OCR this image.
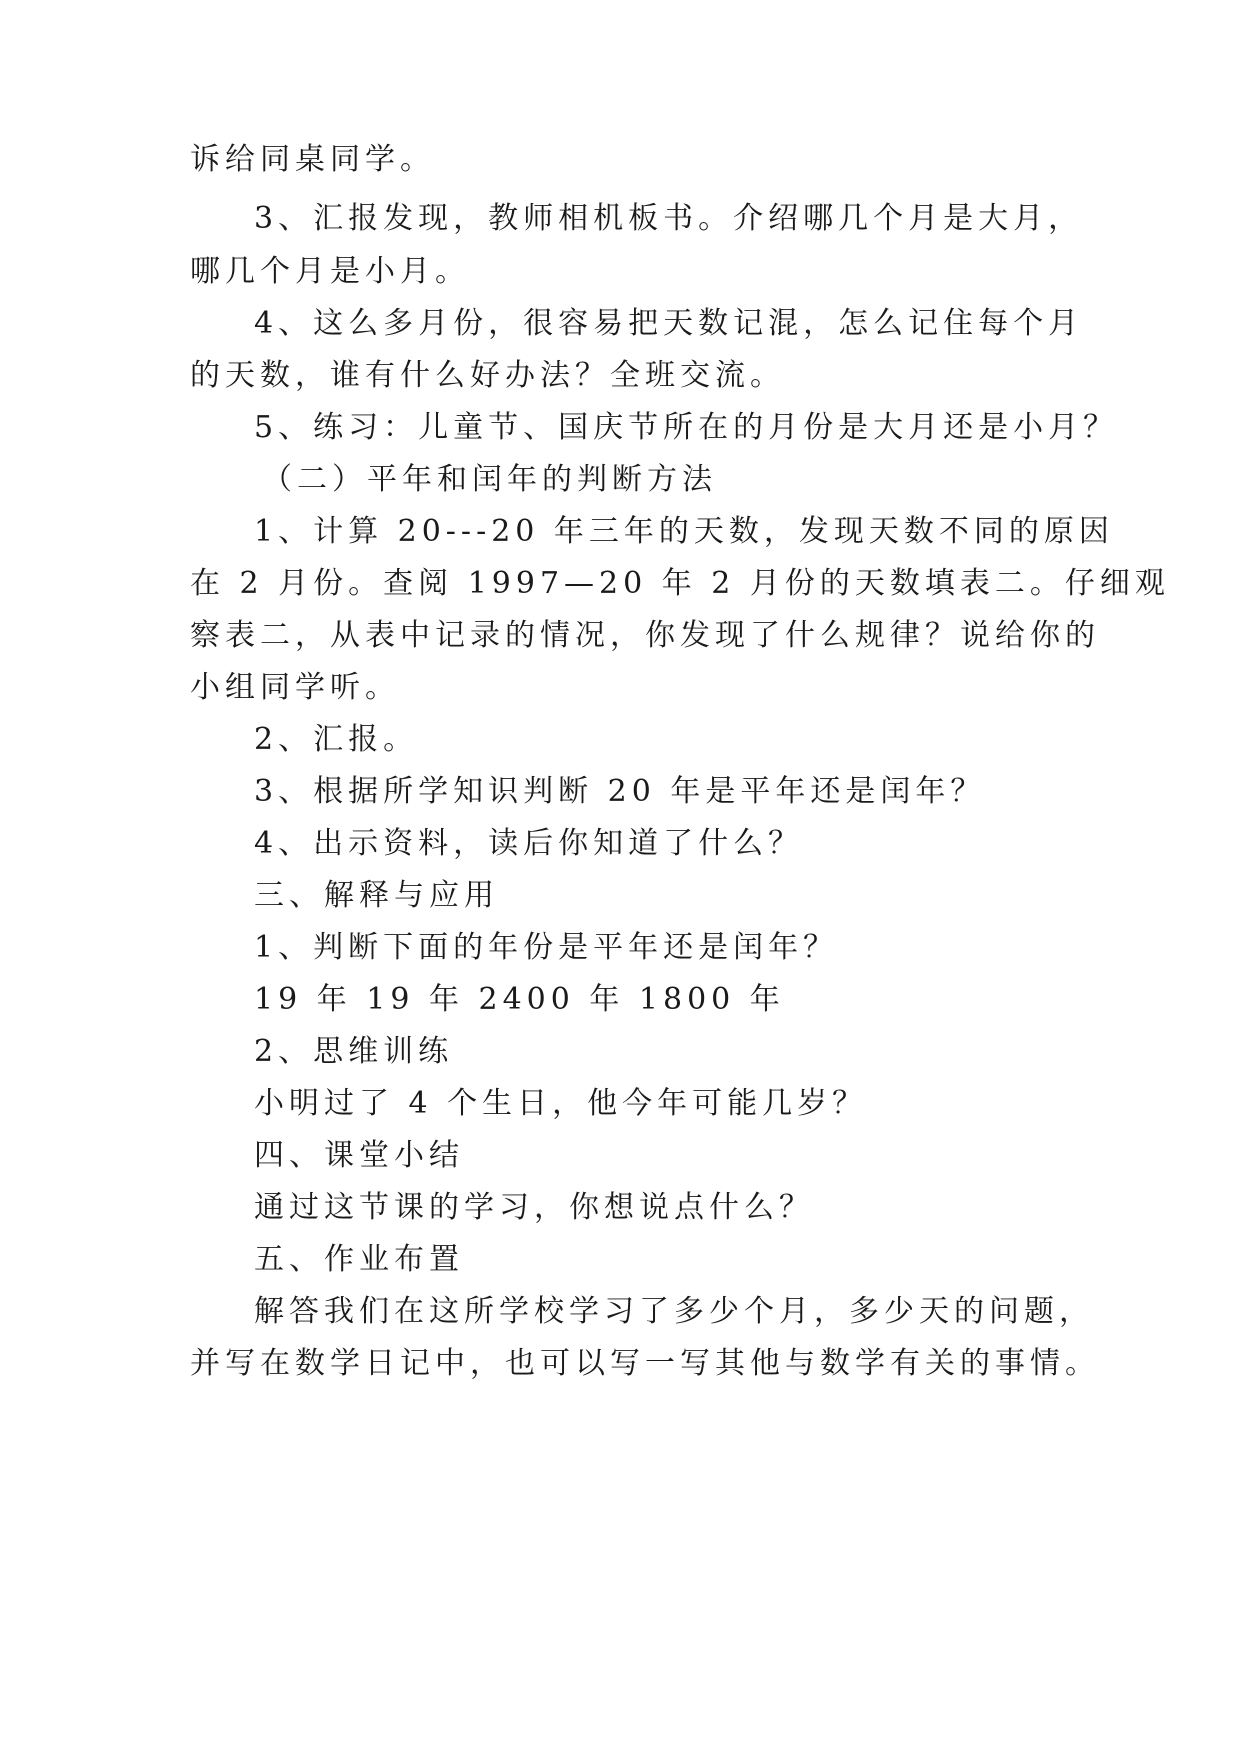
诉给同桌同学。

3、汇报发现，教师相机板书。介绍哪几个月是大月，

哪几个月是小月。

4、这么多月份，很容易把天数记混，怎么记住每个月

的天数，谁有什么好办法？全班交流。

5、练习：儿童节、国庆节所在的月份是大月还是小月？

（二）平年和闰年的判断方法

1、计算 20---20 年三年的天数，发现天数不同的原因

在 2 月份。查阅 1997—20 年 2 月份的天数填表二。仔细观

察表二，从表中记录的情况，你发现了什么规律？说给你的

小组同学听。

2、汇报。

3、根据所学知识判断 20 年是平年还是闰年？

4、出示资料，读后你知道了什么？

三、解释与应用

1、判断下面的年份是平年还是闰年？

19 年 19 年 2400 年 1800 年

2、思维训练

小明过了 4 个生日，他今年可能几岁？

四、课堂小结

通过这节课的学习，你想说点什么？

五、作业布置

解答我们在这所学校学习了多少个月，多少天的问题，

并写在数学日记中，也可以写一写其他与数学有关的事情。
